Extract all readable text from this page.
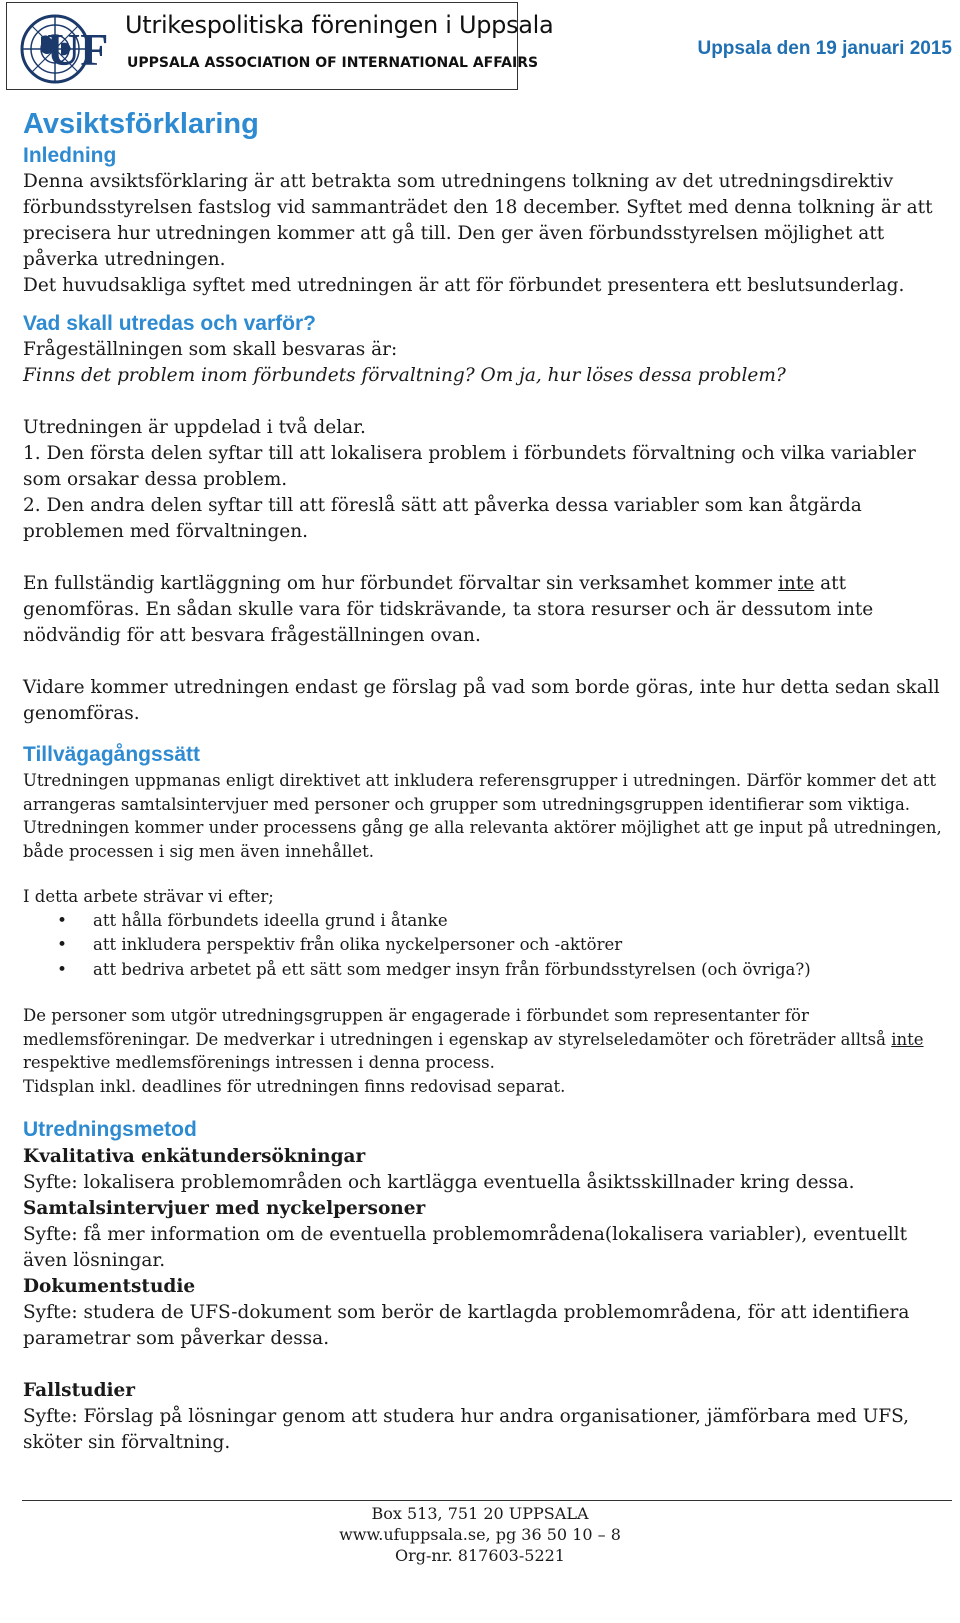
UF Utrikespolitiska föreningen i Uppsala
UPPSALA ASSOCIATION OF INTERNATIONAL AFFAIRS
Uppsala den 19 januari 2015
Avsiktsförklaring
Inledning

Denna avsiktsförklaring är att betrakta som utredningens tolkning av det utredningsdirektiv förbundsstyrelsen fastslog vid sammanträdet den 18 december. Syftet med denna tolkning är att precisera hur utredningen kommer att gå till. Den ger även förbundsstyrelsen möjlighet att påverka utredningen.

Det huvudsakliga syftet med utredningen är att för förbundet presentera ett beslutsunderlag.

Vad skall utredas och varför?

Frågeställningen som skall besvaras är:

Finns det problem inom förbundets förvaltning? Om ja, hur löses dessa problem?

Utredningen är uppdelad i två delar.

1. Den första delen syftar till att lokalisera problem i förbundets förvaltning och vilka variabler som orsakar dessa problem.

2. Den andra delen syftar till att föreslå sätt att påverka dessa variabler som kan åtgärda problemen med förvaltningen.

En fullständig kartläggning om hur förbundet förvaltar sin verksamhet kommer inte att genomföras. En sådan skulle vara för tidskrävande, ta stora resurser och är dessutom inte nödvändig för att besvara frågeställningen ovan.

Vidare kommer utredningen endast ge förslag på vad som borde göras, inte hur detta sedan skall genomföras.

Tillvägagångssätt

Utredningen uppmanas enligt direktivet att inkludera referensgrupper i utredningen. Därför kommer det att arrangeras samtalsintervjuer med personer och grupper som utredningsgruppen identifierar som viktiga. Utredningen kommer under processens gång ge alla relevanta aktörer möjlighet att ge input på utredningen, både processen i sig men även innehållet.

I detta arbete strävar vi efter;

• att hålla förbundets ideella grund i åtanke
• att inkludera perspektiv från olika nyckelpersoner och -aktörer
• att bedriva arbetet på ett sätt som medger insyn från förbundsstyrelsen (och övriga?)

De personer som utgör utredningsgruppen är engagerade i förbundet som representanter för medlemsföreningar. De medverkar i utredningen i egenskap av styrelseledamöter och företräder alltså inte respektive medlemsförenings intressen i denna process.

Tidsplan inkl. deadlines för utredningen finns redovisad separat.

Utredningsmetod

Kvalitativa enkätundersökningar

Syfte: lokalisera problemområden och kartlägga eventuella åsiktsskillnader kring dessa.

Samtalsintervjuer med nyckelpersoner

Syfte: få mer information om de eventuella problemområdena(lokalisera variabler), eventuellt även lösningar.

Dokumentstudie

Syfte: studera de UFS-dokument som berör de kartlagda problemområdena, för att identifiera parametrar som påverkar dessa.

Fallstudier

Syfte: Förslag på lösningar genom att studera hur andra organisationer, jämförbara med UFS, sköter sin förvaltning.

Box 513, 751 20 UPPSALA
www.ufuppsala.se, pg 36 50 10 – 8
Org-nr. 817603-5221
